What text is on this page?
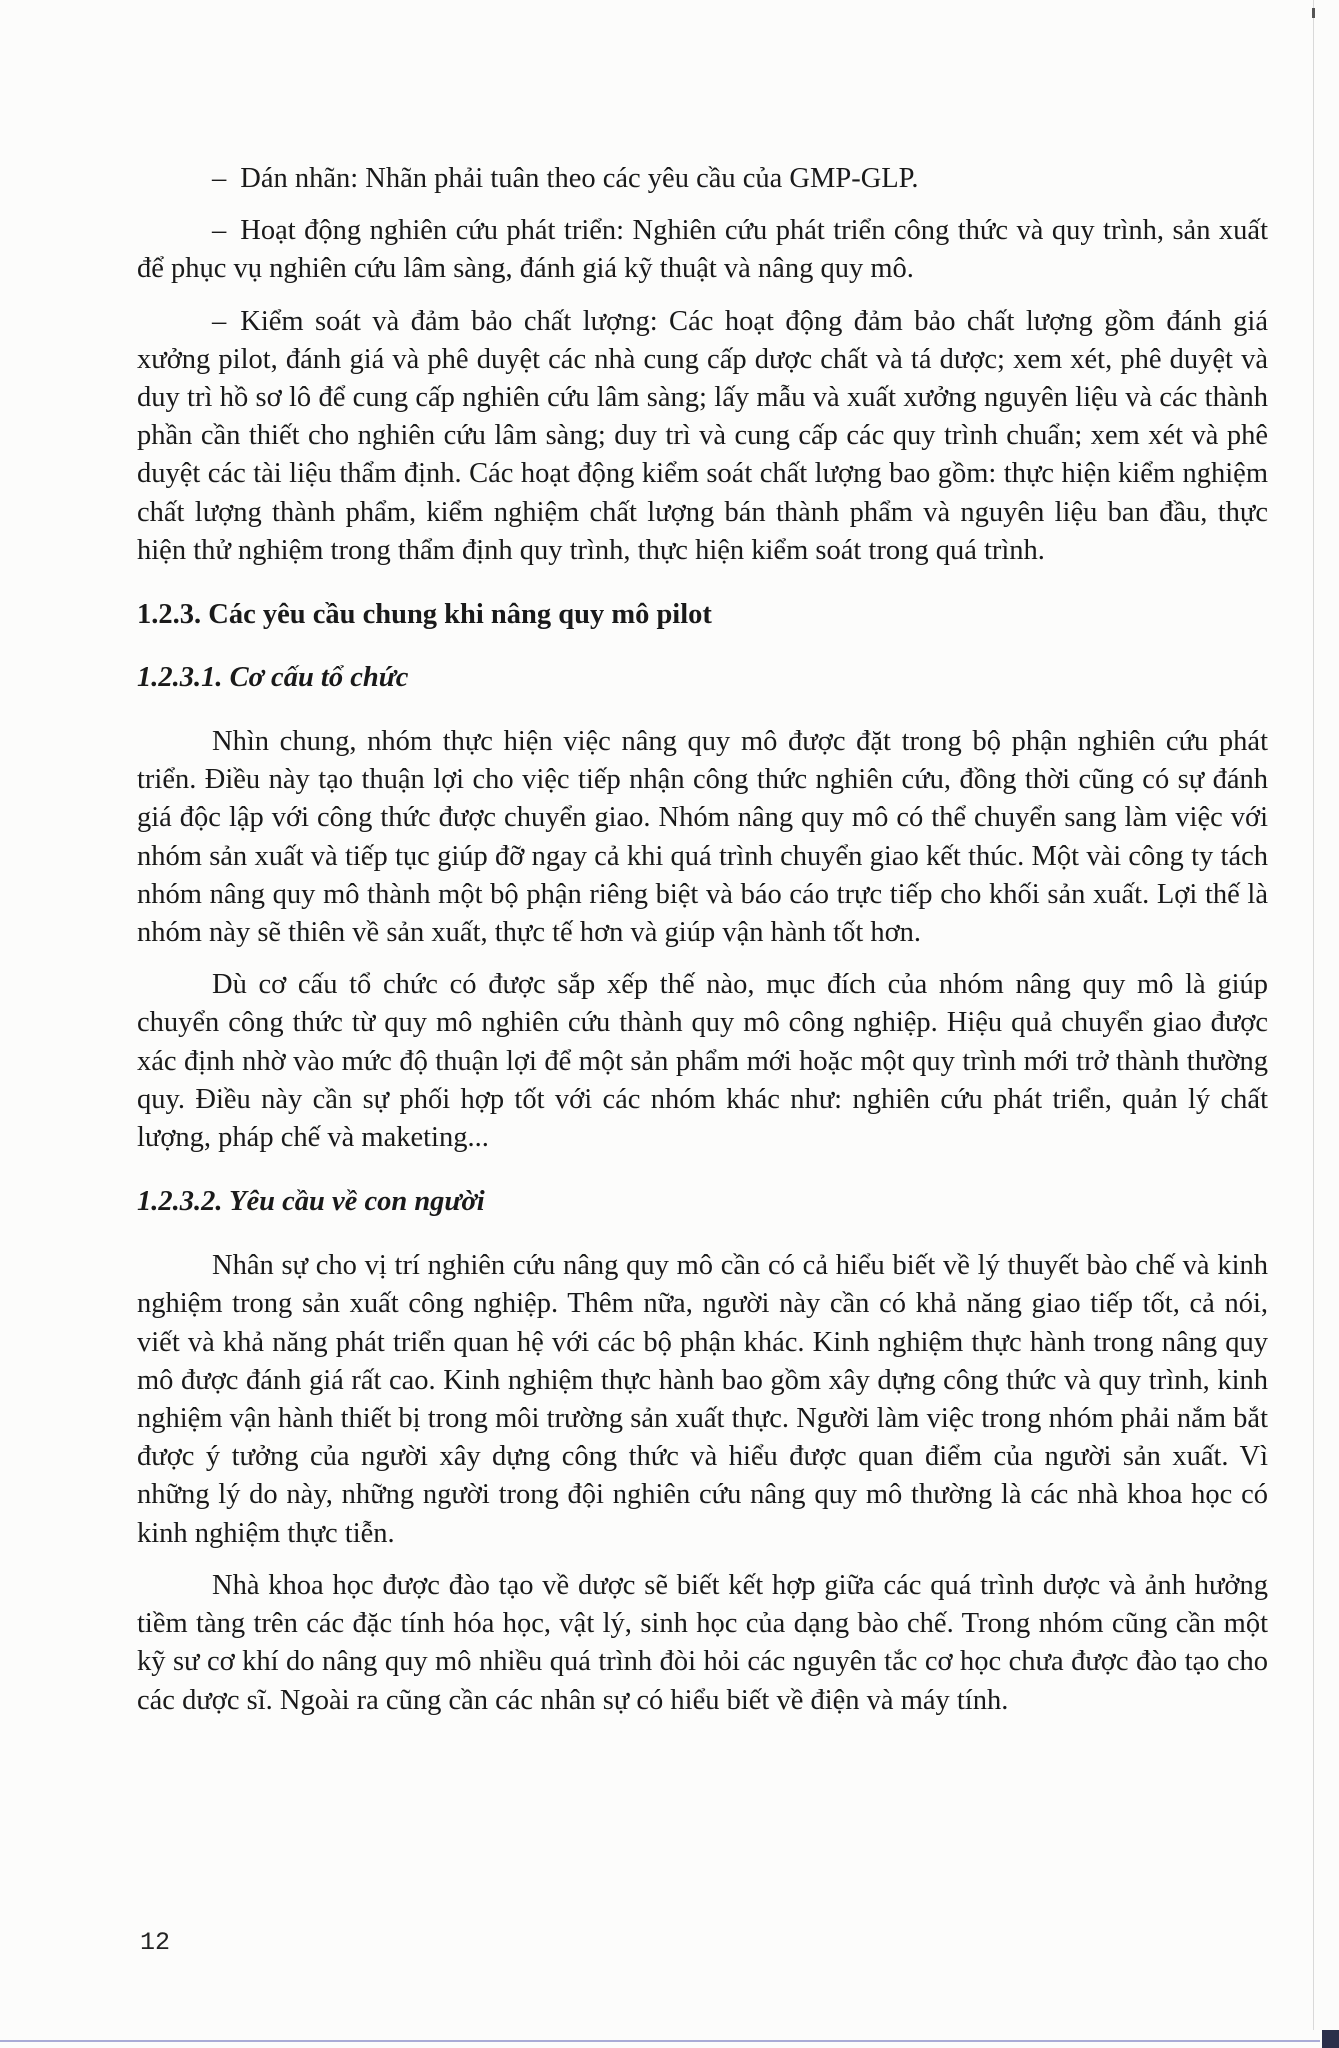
– Dán nhãn: Nhãn phải tuân theo các yêu cầu của GMP-GLP.

– Hoạt động nghiên cứu phát triển: Nghiên cứu phát triển công thức và quy trình, sản xuất để phục vụ nghiên cứu lâm sàng, đánh giá kỹ thuật và nâng quy mô.

– Kiểm soát và đảm bảo chất lượng: Các hoạt động đảm bảo chất lượng gồm đánh giá xưởng pilot, đánh giá và phê duyệt các nhà cung cấp dược chất và tá dược; xem xét, phê duyệt và duy trì hồ sơ lô để cung cấp nghiên cứu lâm sàng; lấy mẫu và xuất xưởng nguyên liệu và các thành phần cần thiết cho nghiên cứu lâm sàng; duy trì và cung cấp các quy trình chuẩn; xem xét và phê duyệt các tài liệu thẩm định. Các hoạt động kiểm soát chất lượng bao gồm: thực hiện kiểm nghiệm chất lượng thành phẩm, kiểm nghiệm chất lượng bán thành phẩm và nguyên liệu ban đầu, thực hiện thử nghiệm trong thẩm định quy trình, thực hiện kiểm soát trong quá trình.

1.2.3. Các yêu cầu chung khi nâng quy mô pilot
1.2.3.1. Cơ cấu tổ chức

Nhìn chung, nhóm thực hiện việc nâng quy mô được đặt trong bộ phận nghiên cứu phát triển. Điều này tạo thuận lợi cho việc tiếp nhận công thức nghiên cứu, đồng thời cũng có sự đánh giá độc lập với công thức được chuyển giao. Nhóm nâng quy mô có thể chuyển sang làm việc với nhóm sản xuất và tiếp tục giúp đỡ ngay cả khi quá trình chuyển giao kết thúc. Một vài công ty tách nhóm nâng quy mô thành một bộ phận riêng biệt và báo cáo trực tiếp cho khối sản xuất. Lợi thế là nhóm này sẽ thiên về sản xuất, thực tế hơn và giúp vận hành tốt hơn.

Dù cơ cấu tổ chức có được sắp xếp thế nào, mục đích của nhóm nâng quy mô là giúp chuyển công thức từ quy mô nghiên cứu thành quy mô công nghiệp. Hiệu quả chuyển giao được xác định nhờ vào mức độ thuận lợi để một sản phẩm mới hoặc một quy trình mới trở thành thường quy. Điều này cần sự phối hợp tốt với các nhóm khác như: nghiên cứu phát triển, quản lý chất lượng, pháp chế và maketing...

1.2.3.2. Yêu cầu về con người

Nhân sự cho vị trí nghiên cứu nâng quy mô cần có cả hiểu biết về lý thuyết bào chế và kinh nghiệm trong sản xuất công nghiệp. Thêm nữa, người này cần có khả năng giao tiếp tốt, cả nói, viết và khả năng phát triển quan hệ với các bộ phận khác. Kinh nghiệm thực hành trong nâng quy mô được đánh giá rất cao. Kinh nghiệm thực hành bao gồm xây dựng công thức và quy trình, kinh nghiệm vận hành thiết bị trong môi trường sản xuất thực. Người làm việc trong nhóm phải nắm bắt được ý tưởng của người xây dựng công thức và hiểu được quan điểm của người sản xuất. Vì những lý do này, những người trong đội nghiên cứu nâng quy mô thường là các nhà khoa học có kinh nghiệm thực tiễn.

Nhà khoa học được đào tạo về dược sẽ biết kết hợp giữa các quá trình dược và ảnh hưởng tiềm tàng trên các đặc tính hóa học, vật lý, sinh học của dạng bào chế. Trong nhóm cũng cần một kỹ sư cơ khí do nâng quy mô nhiều quá trình đòi hỏi các nguyên tắc cơ học chưa được đào tạo cho các dược sĩ. Ngoài ra cũng cần các nhân sự có hiểu biết về điện và máy tính.

12
